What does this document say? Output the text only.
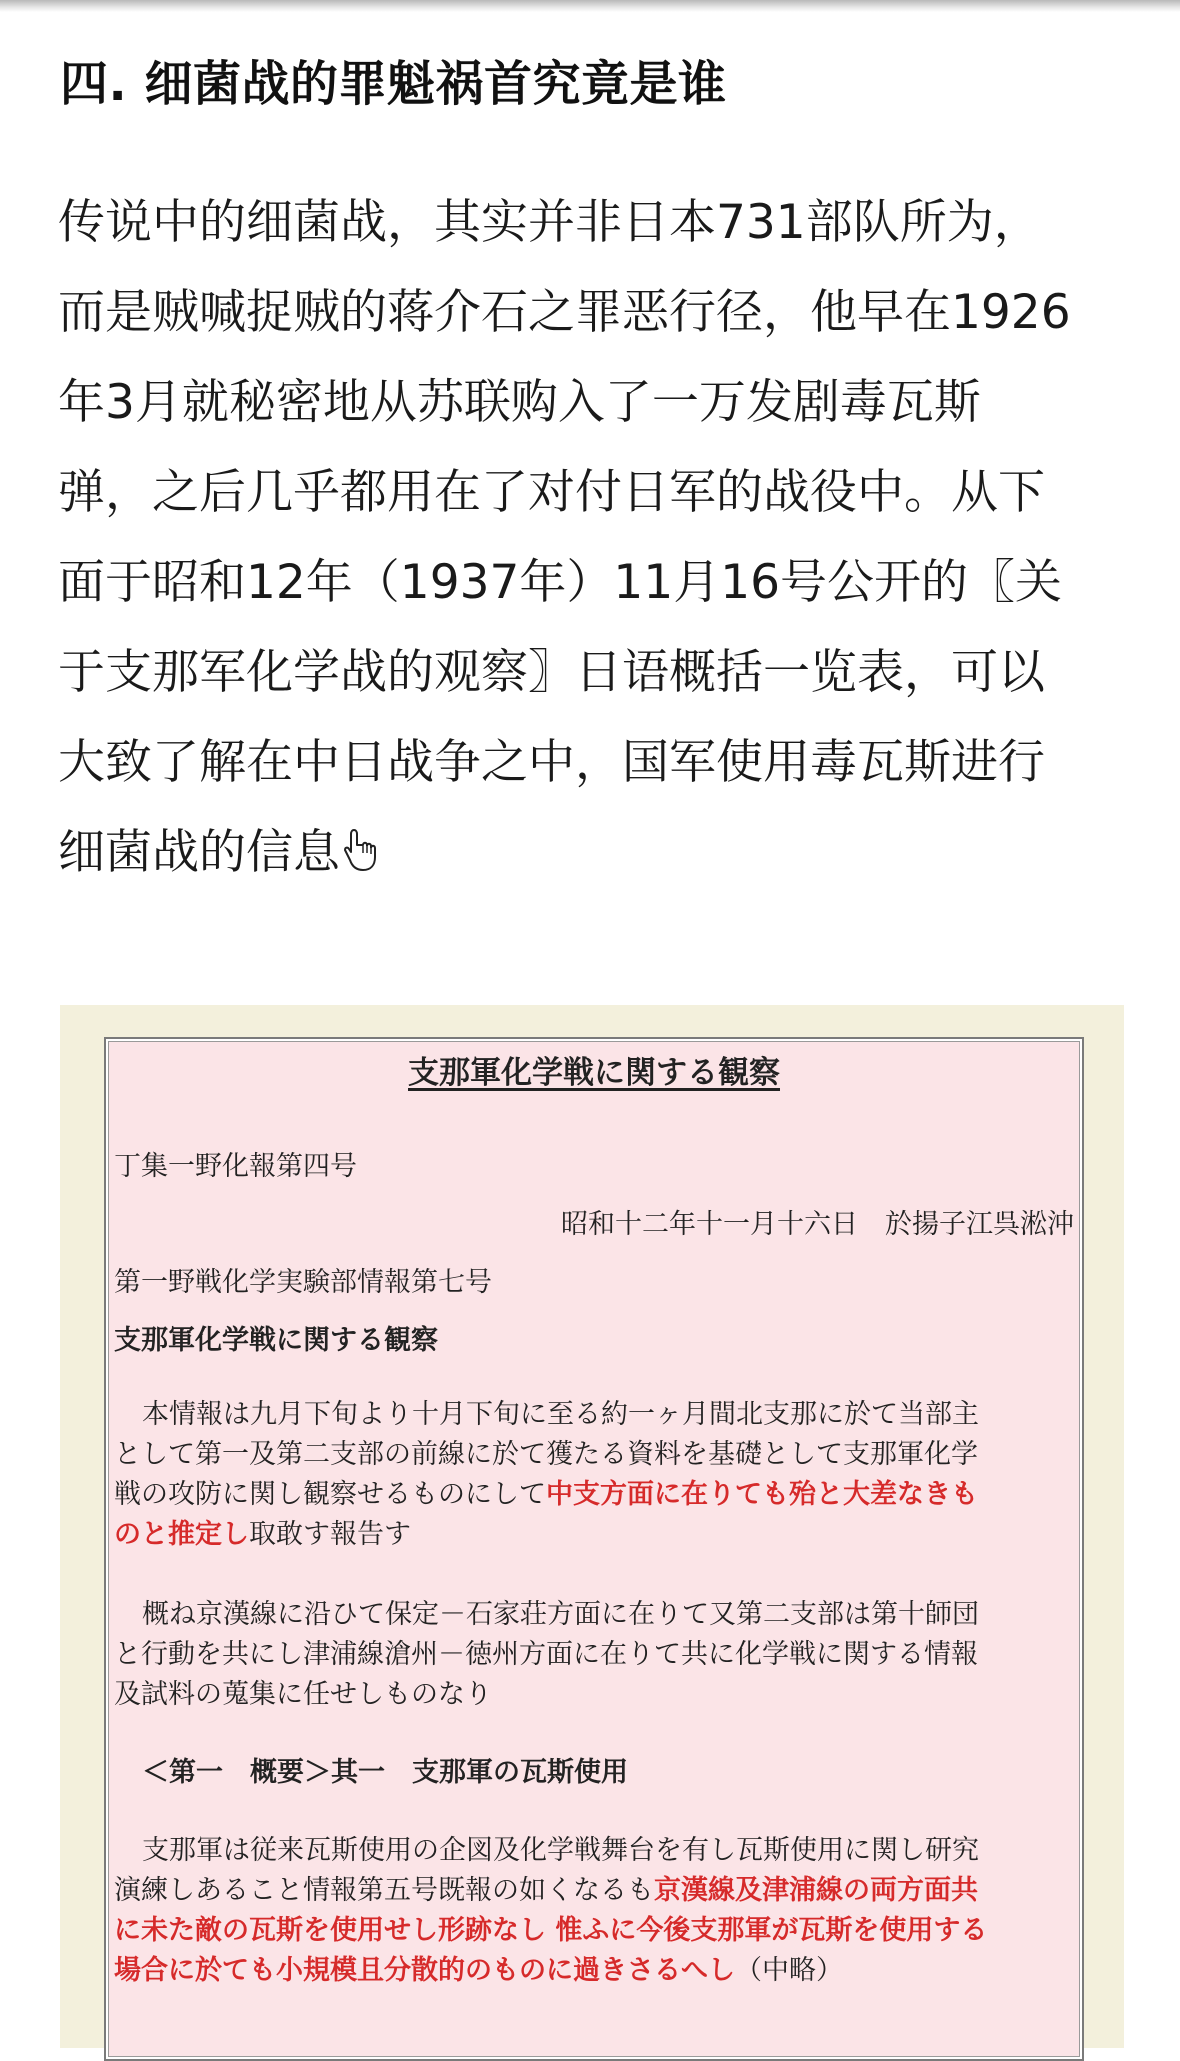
四. 细菌战的罪魁祸首究竟是谁
传说中的细菌战，其实并非日本731部队所为，
而是贼喊捉贼的蒋介石之罪恶行径，他早在1926
年3月就秘密地从苏联购入了一万发剧毒瓦斯
弹，之后几乎都用在了对付日军的战役中。从下
面于昭和12年（1937年）11月16号公开的〖关
于支那军化学战的观察〗日语概括一览表，可以
大致了解在中日战争之中，国军使用毒瓦斯进行
细菌战的信息
支那軍化学戦に関する観察
丁集一野化報第四号
昭和十二年十一月十六日　於揚子江呉淞沖
第一野戦化学実験部情報第七号
支那軍化学戦に関する観察
本情報は九月下旬より十月下旬に至る約一ヶ月間北支那に於て当部主
として第一及第二支部の前線に於て獲たる資料を基礎として支那軍化学
戦の攻防に関し観察せるものにして中支方面に在りても殆と大差なきも
のと推定し取敢す報告す
概ね京漢線に沿ひて保定－石家荘方面に在りて又第二支部は第十師団
と行動を共にし津浦線滄州－徳州方面に在りて共に化学戦に関する情報
及試料の蒐集に任せしものなり
＜第一　概要＞其一　支那軍の瓦斯使用
支那軍は従来瓦斯使用の企図及化学戦舞台を有し瓦斯使用に関し研究
演練しあること情報第五号既報の如くなるも京漢線及津浦線の両方面共
に未た敵の瓦斯を使用せし形跡なし 惟ふに今後支那軍が瓦斯を使用する
場合に於ても小規模且分散的のものに過きさるへし（中略）
